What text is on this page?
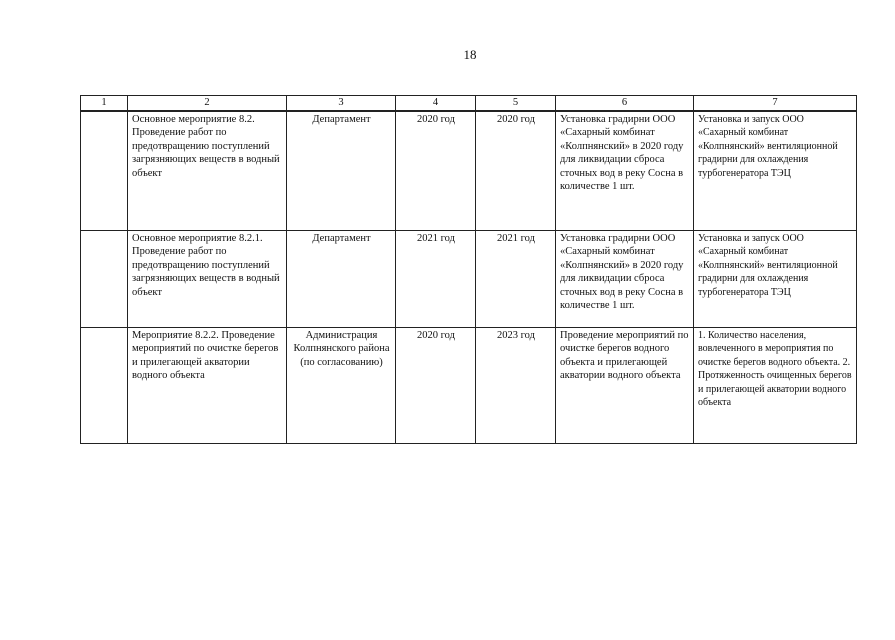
18
1	2	3	4	5	6	7
	Основное мероприятие 8.2. Проведение работ по предотвращению поступлений загрязняющих веществ в водный объект	Департамент	2020 год	2020 год	Установка градирни ООО «Сахарный комбинат «Колпнянский» в 2020 году для ликвидации сброса сточных вод в реку Сосна в количестве 1 шт.	Установка и запуск ООО «Сахарный комбинат «Колпнянский» вентиляционной градирни для охлаждения турбогенератора ТЭЦ
	Основное мероприятие 8.2.1. Проведение работ по предотвращению поступлений загрязняющих веществ в водный объект	Департамент	2021 год	2021 год	Установка градирни ООО «Сахарный комбинат «Колпнянский» в 2020 году для ликвидации сброса сточных вод в реку Сосна в количестве 1 шт.	Установка и запуск ООО «Сахарный комбинат «Колпнянский» вентиляционной градирни для охлаждения турбогенератора ТЭЦ
	Мероприятие 8.2.2. Проведение мероприятий по очистке берегов и прилегающей акватории водного объекта	Администрация Колпнянского района (по согласованию)	2020 год	2023 год	Проведение мероприятий по очистке берегов водного объекта и прилегающей акватории водного объекта	1. Количество населения, вовлеченного в мероприятия по очистке берегов водного объекта. 2. Протяженность очищенных берегов и прилегающей акватории водного объекта
